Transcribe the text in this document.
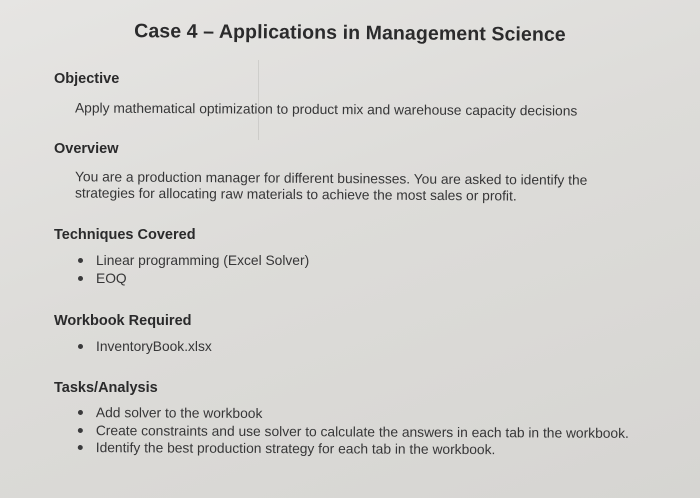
Case 4 – Applications in Management Science
Objective
Apply mathematical optimization to product mix and warehouse capacity decisions
Overview
You are a production manager for different businesses. You are asked to identify the
strategies for allocating raw materials to achieve the most sales or profit.
Techniques Covered
Linear programming (Excel Solver)
EOQ
Workbook Required
InventoryBook.xlsx
Tasks/Analysis
Add solver to the workbook
Create constraints and use solver to calculate the answers in each tab in the workbook.
Identify the best production strategy for each tab in the workbook.
